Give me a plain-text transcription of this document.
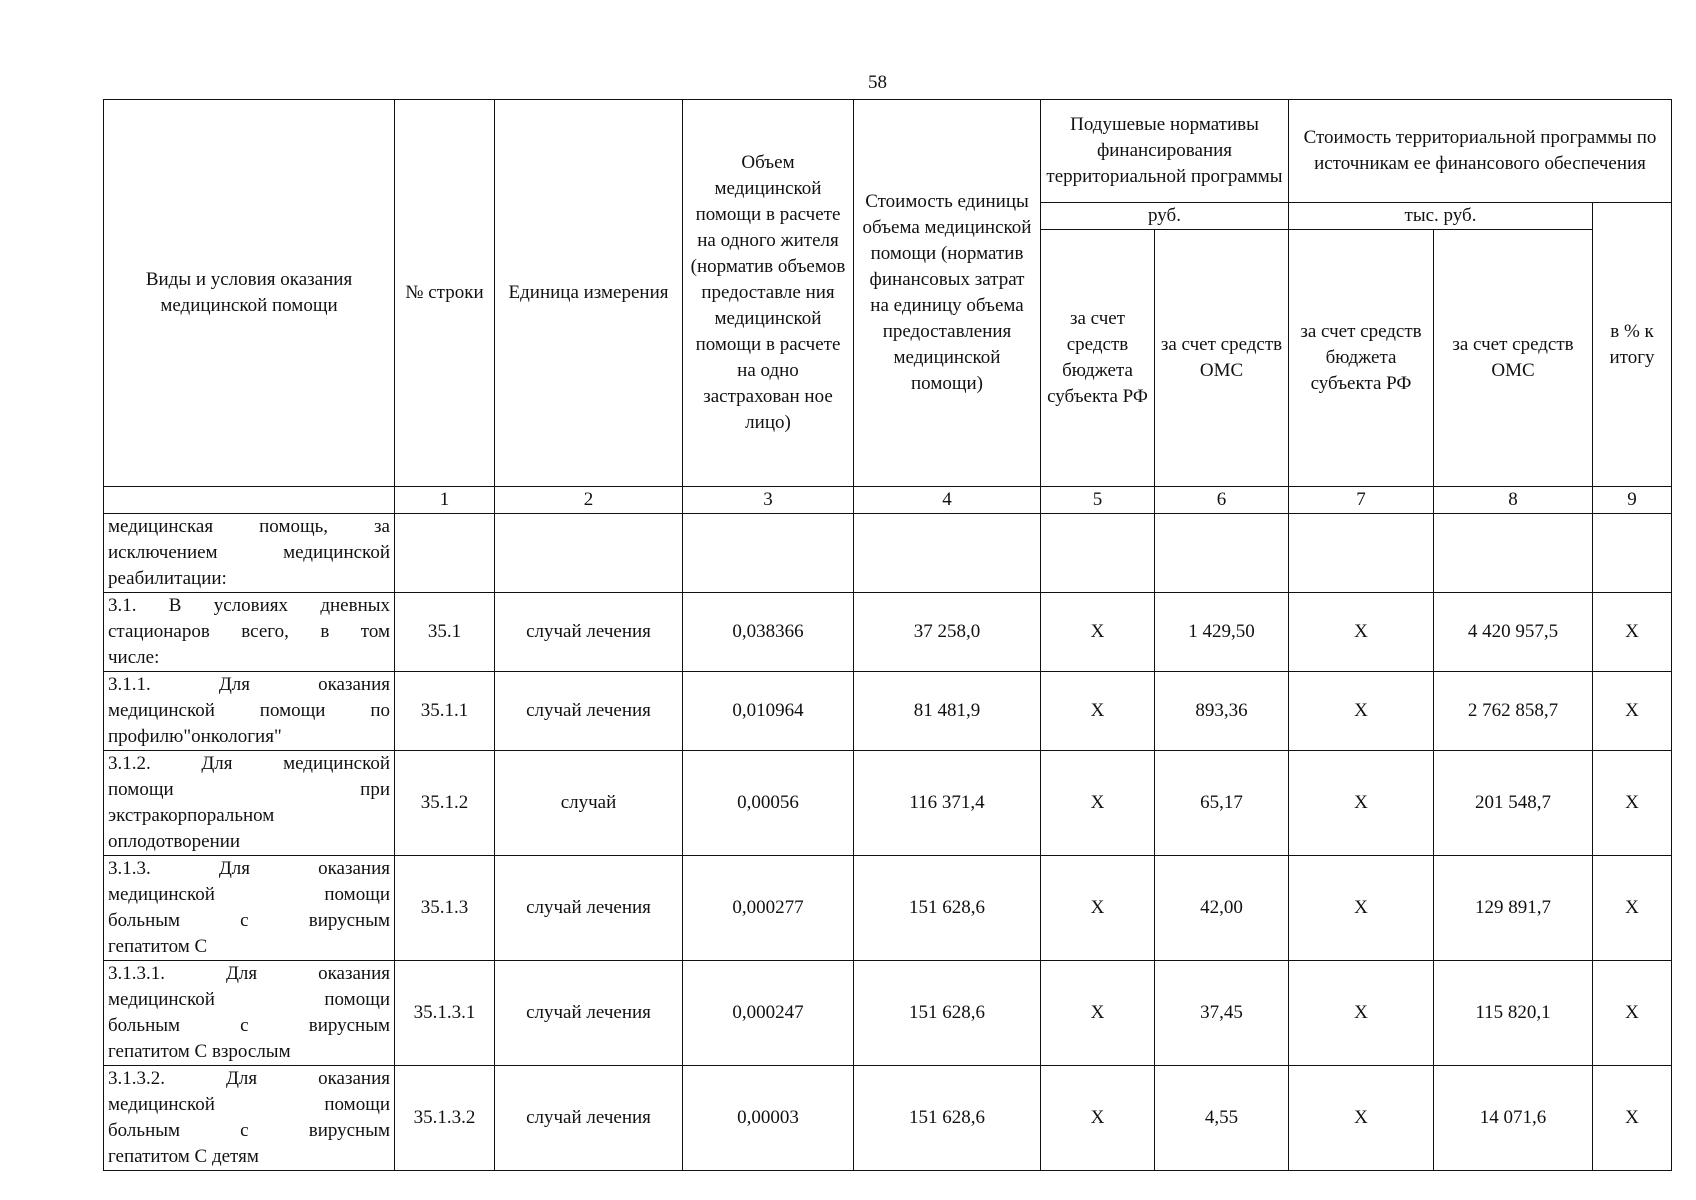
58
Виды и условия оказания медицинской помощи	№ строки	Единица измерения	Объем медицинской помощи в расчете на одного жителя (норматив объемов предоставле ния медицинской помощи в расчете на одно застрахован ное лицо)	Стоимость единицы объема медицинской помощи (норматив финансовых затрат на единицу объема предоставления медицинской помощи)	Подушевые нормативы финансирования территориальной программы		Стоимость территориальной программы по источникам ее финансового обеспечения		
					руб.		тыс. руб.		в % к итогу
					за счет средств бюджета субъекта РФ	за счет средств ОМС	за счет средств бюджета субъекта РФ	за счет средств ОМС	
	1	2	3	4	5	6	7	8	9

медицинская помощь, за
исключением медицинской
реабилитации:									

3.1. В условиях дневных
стационаров всего, в том
числе:	35.1	случай лечения	0,038366	37 258,0	X	1 429,50	X	4 420 957,5	X

3.1.1. Для оказания
медицинской помощи по
профилю"онкология"	35.1.1	случай лечения	0,010964	81 481,9	X	893,36	X	2 762 858,7	X

3.1.2. Для медицинской
помощи при
экстракорпоральном
оплодотворении	35.1.2	случай	0,00056	116 371,4	X	65,17	X	201 548,7	X

3.1.3. Для оказания
медицинской помощи
больным с вирусным
гепатитом С	35.1.3	случай лечения	0,000277	151 628,6	X	42,00	X	129 891,7	X

3.1.3.1. Для оказания
медицинской помощи
больным с вирусным
гепатитом С взрослым	35.1.3.1	случай лечения	0,000247	151 628,6	X	37,45	X	115 820,1	X

3.1.3.2. Для оказания
медицинской помощи
больным с вирусным
гепатитом С детям	35.1.3.2	случай лечения	0,00003	151 628,6	X	4,55	X	14 071,6	X
